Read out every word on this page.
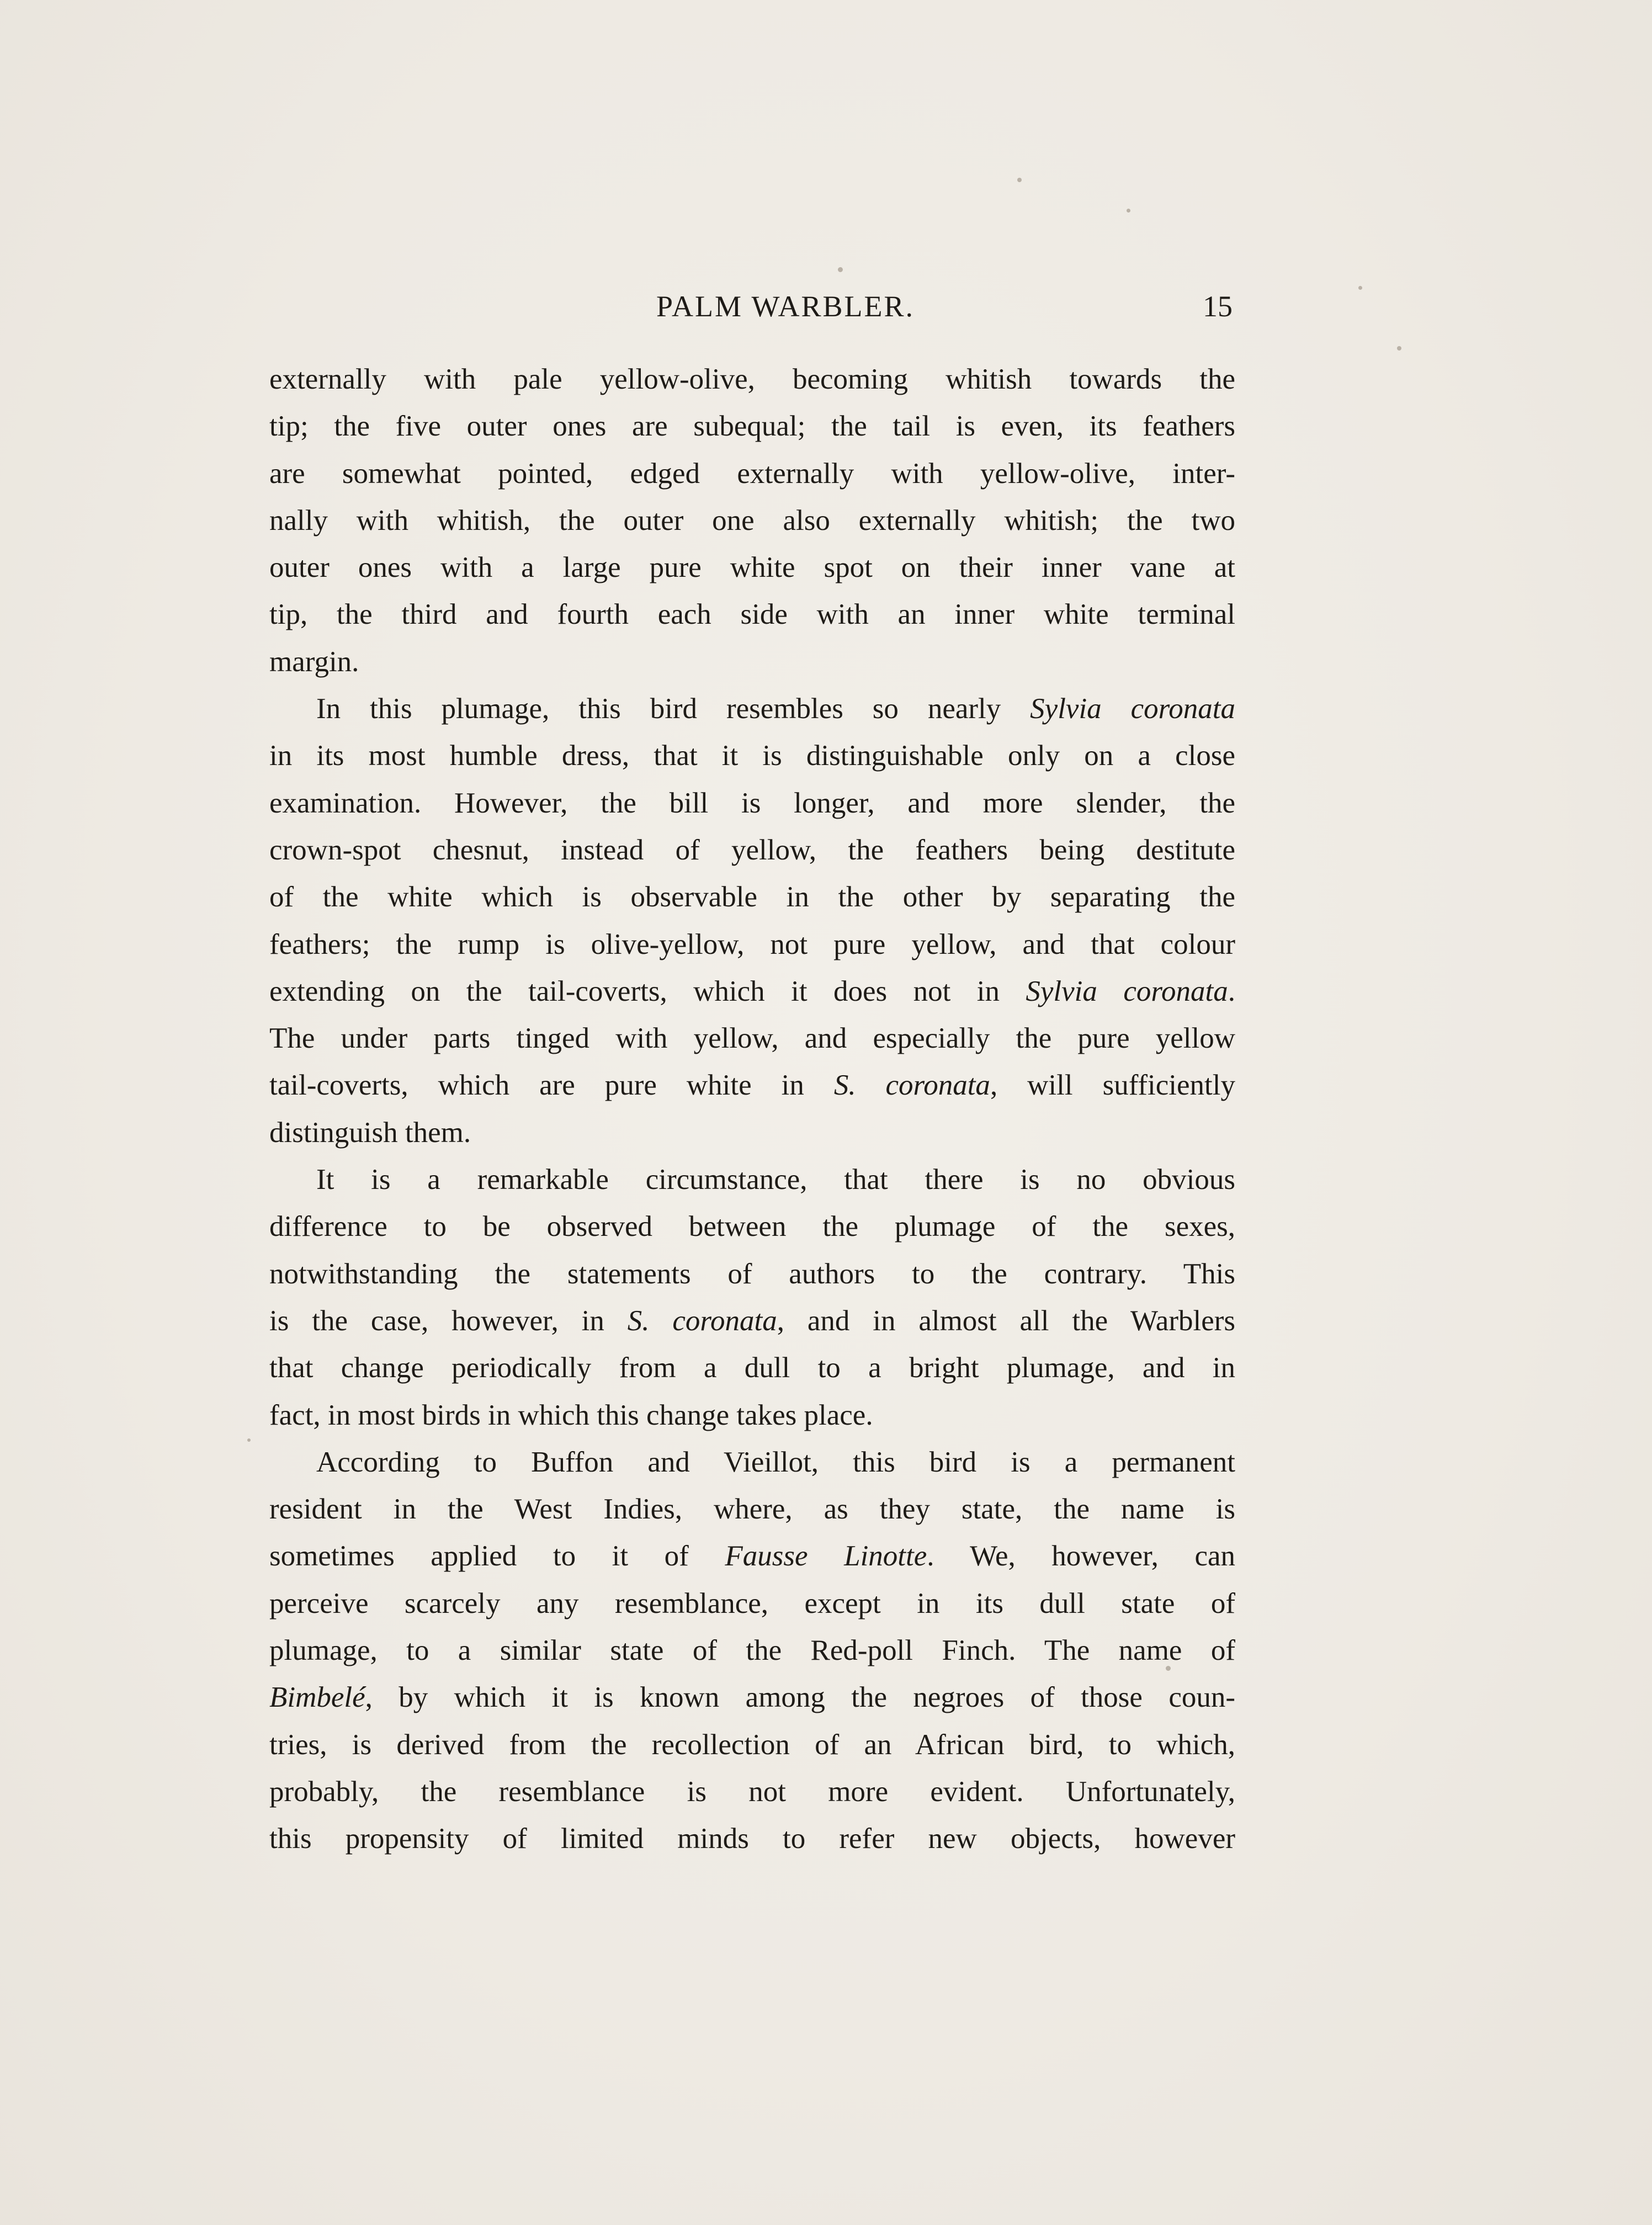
PALM WARBLER.	15
externally with pale yellow-olive, becoming whitish towards the
tip; the five outer ones are subequal; the tail is even, its feathers
are somewhat pointed, edged externally with yellow-olive, inter-
nally with whitish, the outer one also externally whitish; the two
outer ones with a large pure white spot on their inner vane at
tip, the third and fourth each side with an inner white terminal
margin.
In this plumage, this bird resembles so nearly Sylvia coronata
in its most humble dress, that it is distinguishable only on a close
examination. However, the bill is longer, and more slender, the
crown-spot chesnut, instead of yellow, the feathers being destitute
of the white which is observable in the other by separating the
feathers; the rump is olive-yellow, not pure yellow, and that colour
extending on the tail-coverts, which it does not in Sylvia coronata.
The under parts tinged with yellow, and especially the pure yellow
tail-coverts, which are pure white in S. coronata, will sufficiently
distinguish them.
It is a remarkable circumstance, that there is no obvious
difference to be observed between the plumage of the sexes,
notwithstanding the statements of authors to the contrary. This
is the case, however, in S. coronata, and in almost all the Warblers
that change periodically from a dull to a bright plumage, and in
fact, in most birds in which this change takes place.
According to Buffon and Vieillot, this bird is a permanent
resident in the West Indies, where, as they state, the name is
sometimes applied to it of Fausse Linotte. We, however, can
perceive scarcely any resemblance, except in its dull state of
plumage, to a similar state of the Red-poll Finch. The name of
Bimbelé, by which it is known among the negroes of those coun-
tries, is derived from the recollection of an African bird, to which,
probably, the resemblance is not more evident. Unfortunately,
this propensity of limited minds to refer new objects, however
